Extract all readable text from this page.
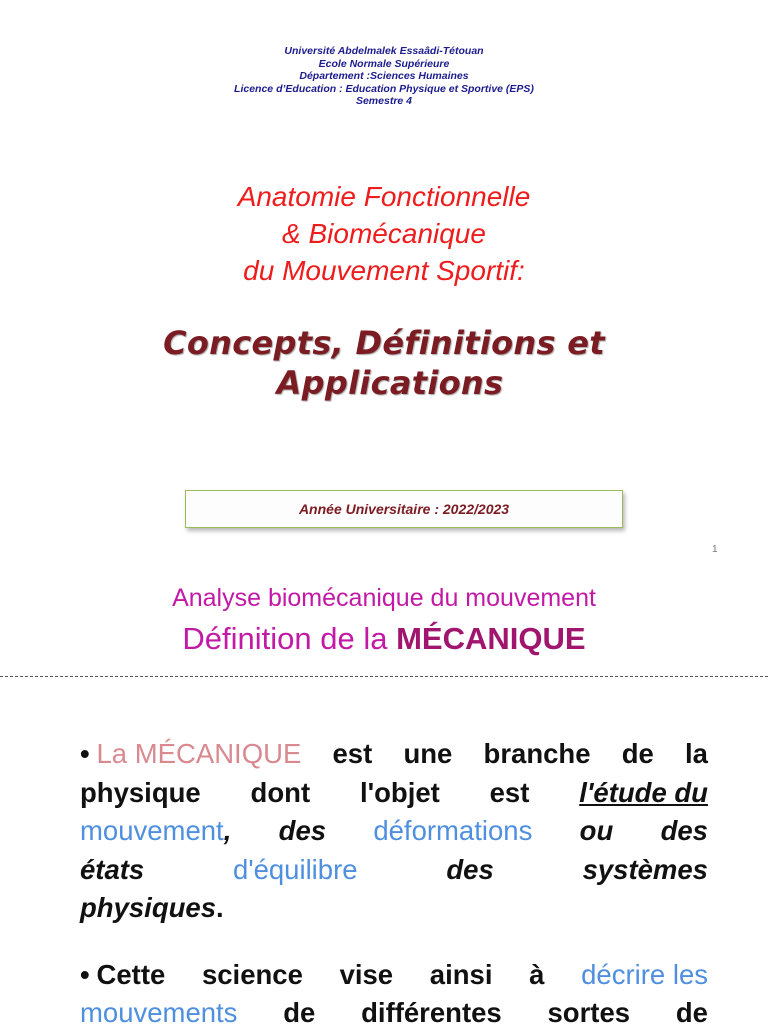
Université Abdelmalek Essaâdi-Tétouan
Ecole Normale Supérieure
Département :Sciences Humaines
Licence d’Education : Education Physique et Sportive (EPS)
Semestre 4
Anatomie Fonctionnelle
& Biomécanique
du Mouvement Sportif:
Concepts, Définitions et
Applications
Année Universitaire : 2022/2023
1
Analyse biomécanique du mouvement
Définition de la MÉCANIQUE
• La MÉCANIQUE est une branche de la
physique dont l'objet est l'étude du
mouvement, des déformations ou des
états	d'équilibre	des	systèmes
physiques .
• Cette science vise ainsi à décrire les
mouvements de différentes sortes de
